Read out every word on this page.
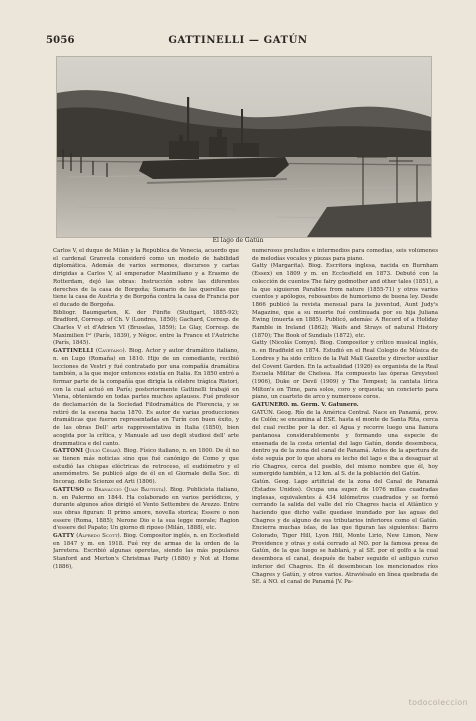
5056	GATTINELLI — GATÚN
El lago de Gatún

Carlos V, el duque de Milán y la República de Venecia, acuerdo que el cardenal Granvela consideró como un modelo de habilidad diplomática. Además de varios sermones, discursos y cartas dirigidas a Carlos V, al emperador Maximiliano y a Erasmo de Rotterdam, dejó las obras: Instrucción sobre las diferentes derechos de la casa de Borgoña; Sumario de las querellas que tiene la casa de Austria y de Borgoña contra la casa de Francia por el ducado de Borgoña.

Bibliogr. Baumgarten, K. der Fünfte (Stuttgart, 1885-92); Bradford, Corresp. of Ch. V (Londres, 1850); Gachard, Corresp. de Charles V et d'Adrien VI (Bruselas, 1859); Le Glay, Corresp. de Maximilien Iᵉʳ (París, 1839), y Négoc. entre la France et l'Autriche (París, 1845).

GATTINELLI (Cayetano). Biog. Actor y autor dramático italiano, n. en Lugo (Romaña) en 1810. Hijo de un comediante, recibió lecciones de Vestri y fué contratado por una compañía dramática también, a la que mejor entonces existía en Italia. En 1850 entró a formar parte de la compañía que dirigía la célebre trágica Ristori, con la cual actuó en París; posteriormente Gattinelli trabajó en Viena, obteniendo en todas partes muchos aplausos. Fué profesor de declamación de la Sociedad Filodramática de Florencia, y se retiró de la escena hacia 1870. Es autor de varias producciones dramáticas que fueron representadas en Turín con buen éxito, y de las obras Dell' arte rappresentativa in Italia (1850), bien acogida por la crítica, y Manuale ad uso degli studiosi dell' arte drammatica e del canto.

GATTONI (Julio César). Biog. Físico italiano, n. en 1800. De él no se tienen más noticias sino que fué canónigo de Como y que estudió las chispas eléctricas de retroceso, el eudiómetro y el anemómetro. Se publicó algo de él en el Giornale della Soc. di Incorag. delle Scienze ed Arti (1806).

GATTUSO di Branaccio (Juan Bautista). Biog. Publicista italiano, n. en Palermo en 1844. Ha colaborado en varios periódicos, y durante algunos años dirigió el Vento Settembre de Arezzo. Entre sus obras figuran: Il primo amore, novella storica; Essere o non essere (Roma, 1885); Nerone Dio e la sua legge morale; Ragion d'essere del Papato; Un giorno di riposo (Milán, 1888), etc.

GATTY (Alfredo Scott). Biog. Compositor inglés, n. en Ecclesfield en 1847 y m. en 1918. Fué rey de armas de la orden de la Jarretera. Escribió algunas operetas, siendo las más populares Stanford and Merton's Christmas Party (1880) y Not at Home (1886),

numerosos preludios e intermedios para comedias, seis volúmenes de melodías vocales y piezas para piano.

Gatty (Margarita). Biog. Escritora inglesa, nacida en Burnham (Essex) en 1809 y m. en Ecclesfield en 1873. Debutó con la colección de cuentos The fairy godmother and other tales (1851), a la que siguieron Parables from nature (1855-71) y otros varios cuentos y apólogos, rebosantes de humorismo de buena ley. Desde 1866 publicó la revista mensual para la juventud, Aunt Judy's Magazine, que a su muerte fué continuada por su hija Juliana Ewing (muerta en 1885). Publicó, además: A Record of a Holiday Ramble in Ireland (1862); Waifs and Strays of natural History (1870); The Book of Sundials (1872), etc.

Gatty (Nicolás Comyn). Biog. Compositor y crítico musical inglés, n. en Bradfield en 1874. Estudió en el Real Colegio de Música de Londres y ha sido crítico de la Pall Mall Gazette y director auxiliar del Covent Garden. En la actualidad (1926) es organista de la Real Escuela Militar de Chelsea. Ha compuesto las óperas Greysteel (1906), Duke or Devil (1909) y The Tempest; la cantata lírica Milton's on Time, para solos, coro y orquesta; un concierto para piano, un cuarteto de arco y numerosos coros.

GATUNERO. m. Germ. V. Gatunero.

GATÚN. Geog. Río de la América Central. Nace en Panamá, prov. de Colón; se encamina al ESE. hasta el monte de Santa Rita, cerca del cual recibe por la der. el Agua y recorre luego una llanura pantanosa considerablemente y formando una especie de ensenada de la costa oriental del lago Gatún, donde desemboca, dentro ya de la zona del canal de Panamá. Antes de la apertura de éste seguía por lo que ahora es lecho del lago e iba a desaguar al río Chagres, cerca del pueblo, del mismo nombre que él, hoy sumergido también, a 12 km. al S. de la población del Gatún.

Gatún. Geog. Lago artificial de la zona del Canal de Panamá (Estados Unidos). Ocupa una super. de 1076 millas cuadradas inglesas, equivalentes á 434 kilómetros cuadrados y se formó cerrando la salida del valle del río Chagres hacia el Atlántico y haciendo que dicho valle quedase inundado por las aguas del Chagres y de alguno de sus tributarios inferiores como el Gatún. Encierra muchas islas, de las que figuran las siguientes: Barro Colorado, Tiger Hill, Lyon Hill, Monte Lirio, New Limon, New Providence y otras y está cerrado al NO. por la famosa presa de Gatún, de la que luego se hablará, y al SE. por el golfo a la cual desemboca el canal, después de haber seguido el antiguo curso inferior del Chagres. En él desembocan los mencionados ríos Chagres y Gatún, y otros varios. Atraviésalo en línea quebrada de SE. á NO. el canal de Panamá [V. Pa-

todocoleccion
